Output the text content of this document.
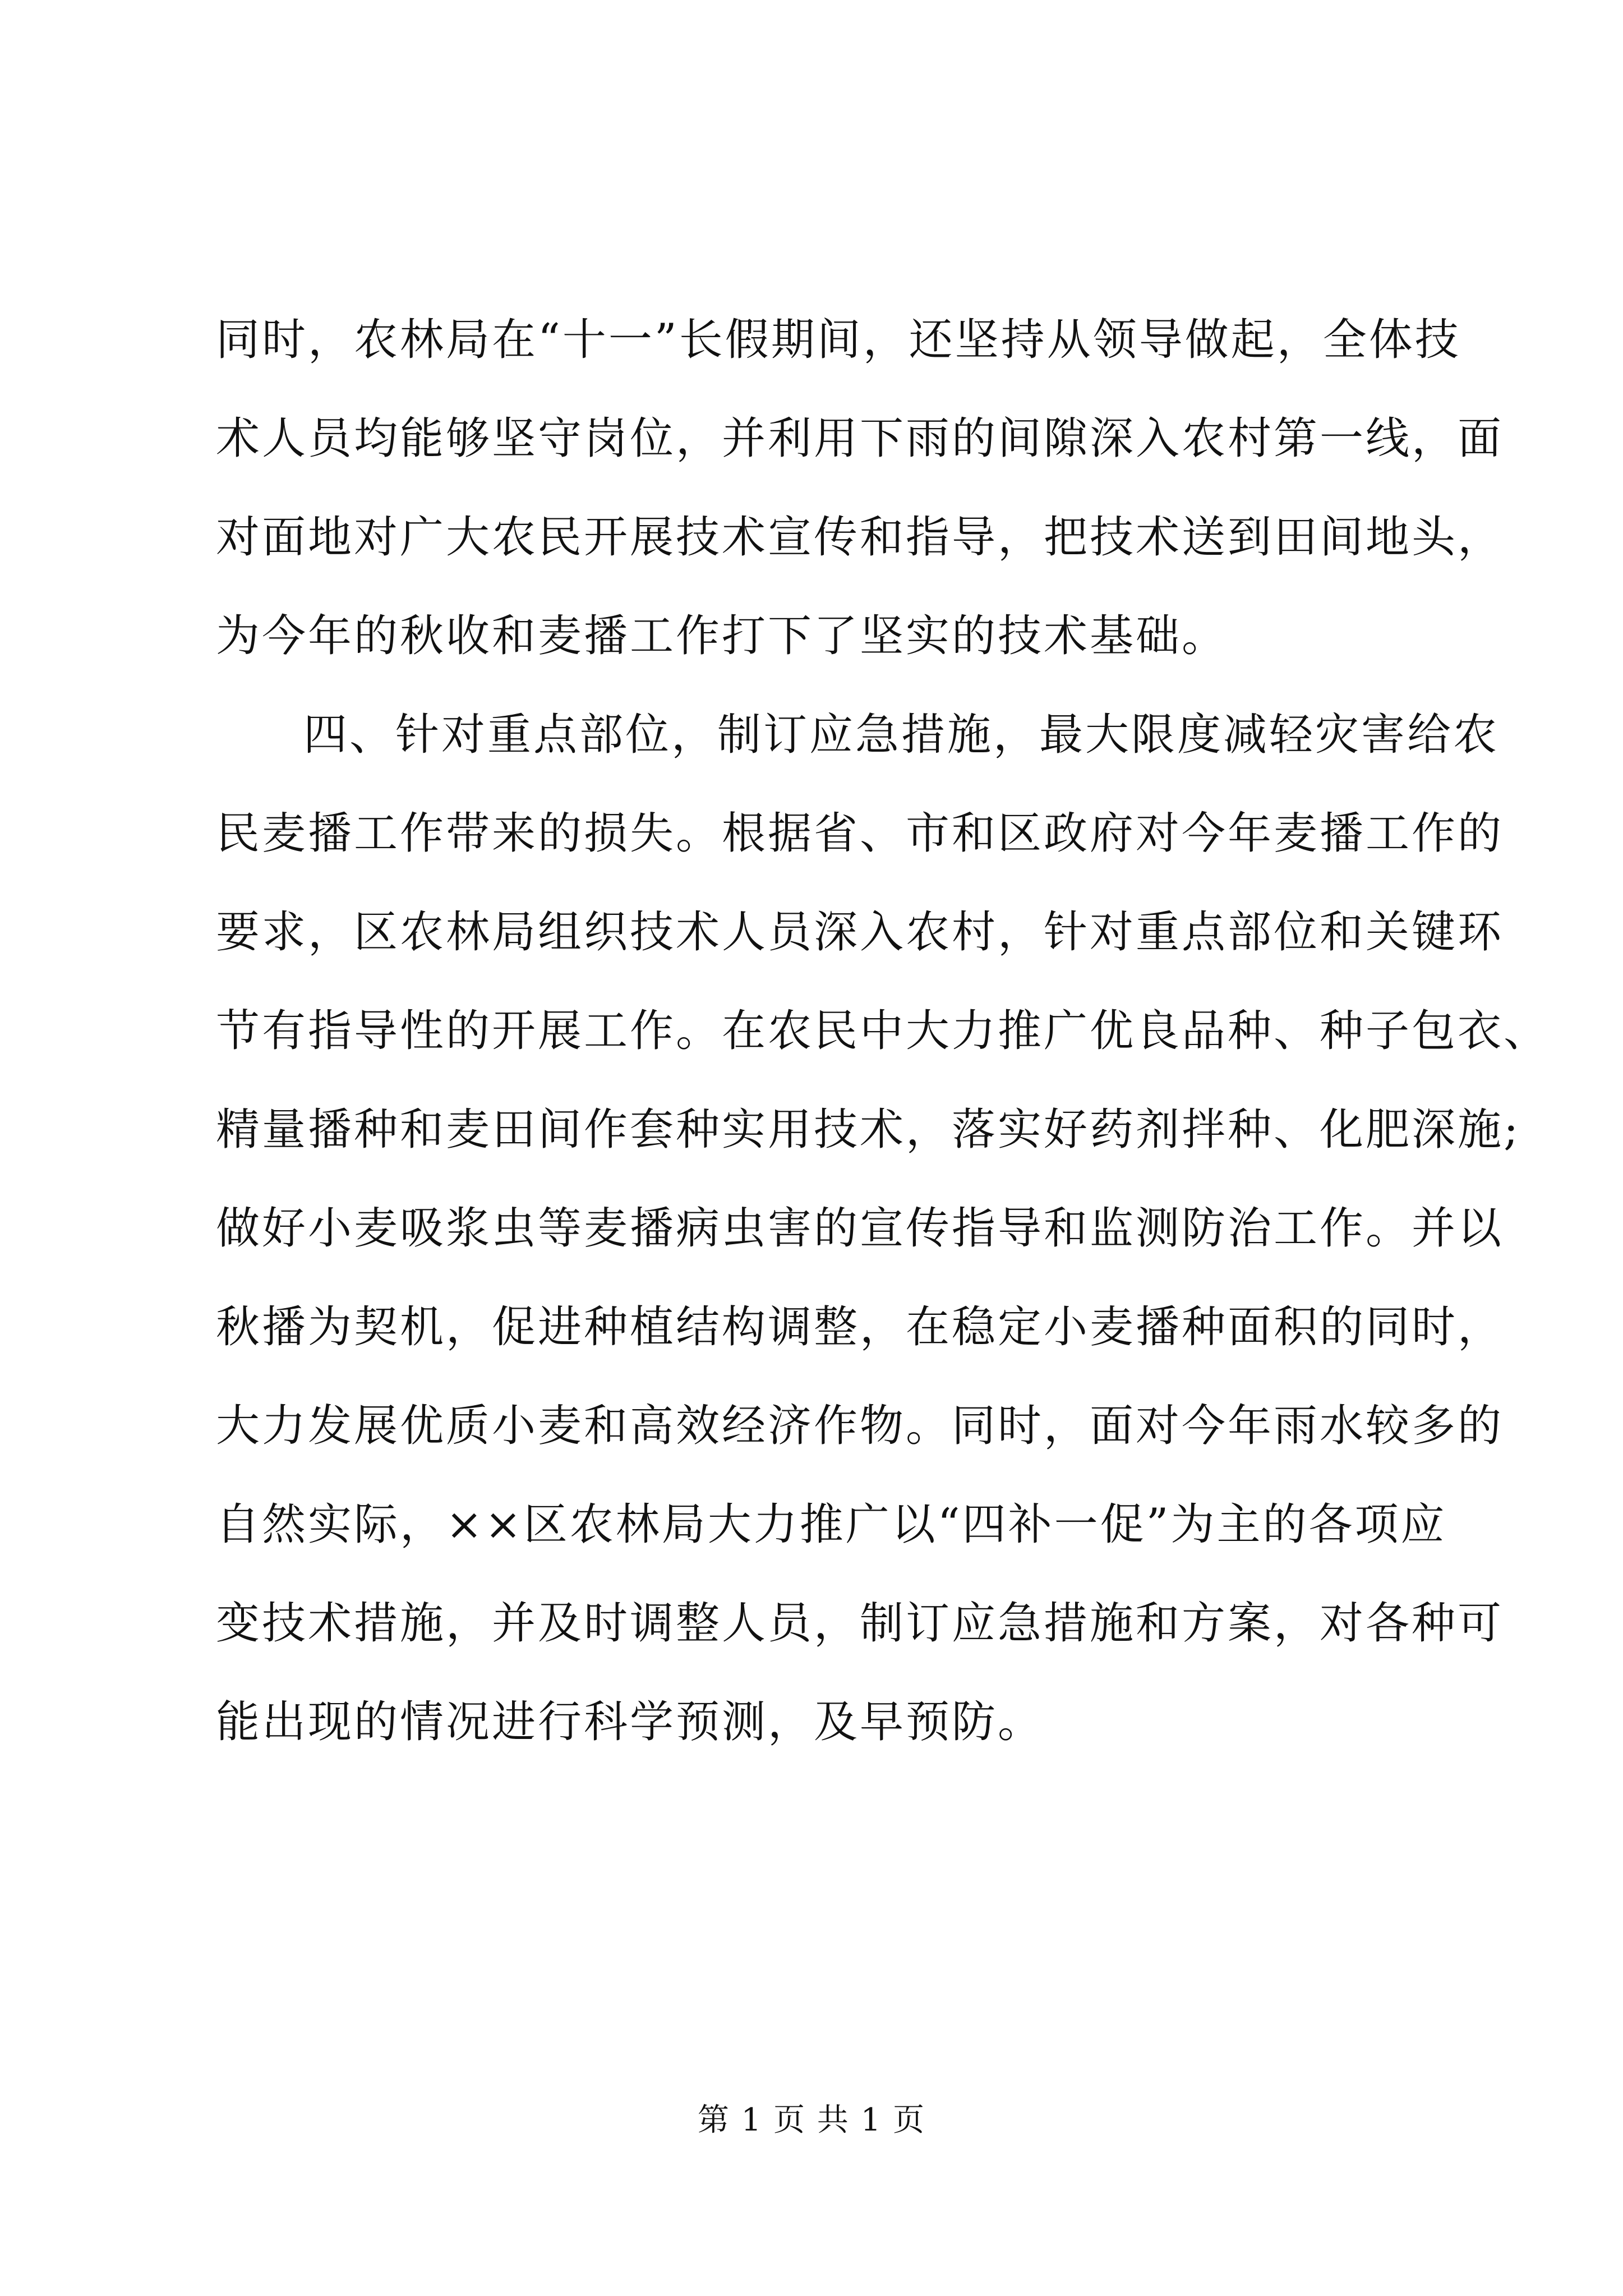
同时，农林局在“十一”长假期间，还坚持从领导做起，全体技
术人员均能够坚守岗位，并利用下雨的间隙深入农村第一线，面
对面地对广大农民开展技术宣传和指导，把技术送到田间地头，
为今年的秋收和麦播工作打下了坚实的技术基础。
四、针对重点部位，制订应急措施，最大限度减轻灾害给农
民麦播工作带来的损失。根据省、市和区政府对今年麦播工作的
要求，区农林局组织技术人员深入农村，针对重点部位和关键环
节有指导性的开展工作。在农民中大力推广优良品种、种子包衣、
精量播种和麦田间作套种实用技术，落实好药剂拌种、化肥深施;
做好小麦吸浆虫等麦播病虫害的宣传指导和监测防治工作。并以
秋播为契机，促进种植结构调整，在稳定小麦播种面积的同时，
大力发展优质小麦和高效经济作物。同时，面对今年雨水较多的
自然实际，××区农林局大力推广以“四补一促”为主的各项应
变技术措施，并及时调整人员，制订应急措施和方案，对各种可
能出现的情况进行科学预测，及早预防。
第 1 页 共 1 页
